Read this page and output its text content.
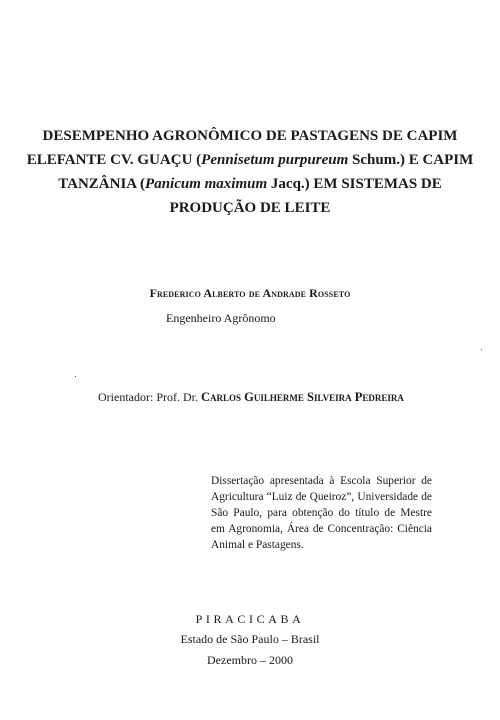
DESEMPENHO AGRONÔMICO DE PASTAGENS DE CAPIM
ELEFANTE CV. GUAÇU (Pennisetum purpureum Schum.) E CAPIM
TANZÂNIA (Panicum maximum Jacq.) EM SISTEMAS DE
PRODUÇÃO DE LEITE
Frederico Alberto de Andrade Rosseto
Engenheiro Agrônomo
Orientador: Prof. Dr. Carlos Guilherme Silveira Pedreira
Dissertação apresentada à Escola Superior de Agricultura “Luiz de Queiroz”, Universidade de São Paulo, para obtenção do título de Mestre em Agronomia, Área de Concentração: Ciência Animal e Pastagens.
PIRACICABA
Estado de São Paulo – Brasil
Dezembro – 2000
